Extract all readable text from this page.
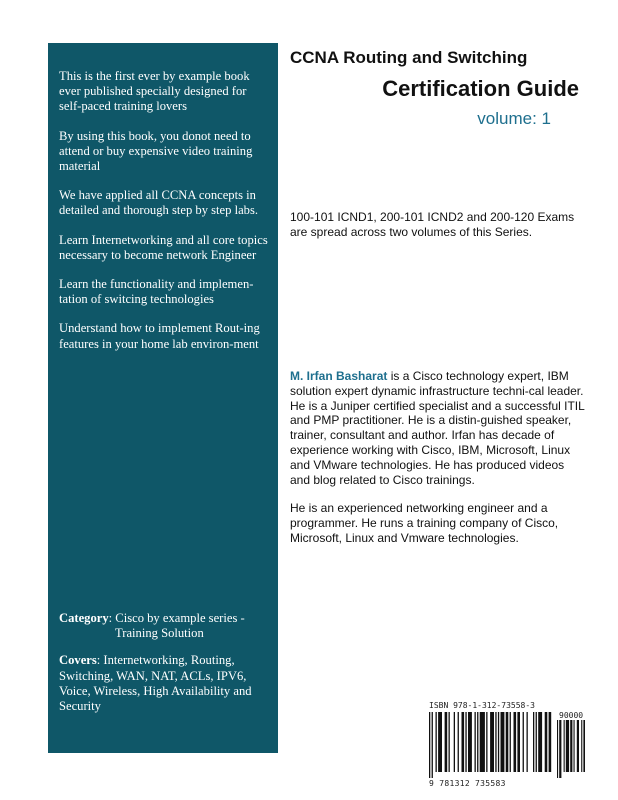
This is the first ever by example book ever published specially designed for self-paced training lovers

By using this book, you donot need to attend or buy expensive video training material

We have applied all CCNA concepts in detailed and thorough step by step labs.

Learn Internetworking and all core topics necessary to become network Engineer

Learn the functionality and implemen-tation of switcing technologies

Understand how to implement Rout-ing features in your home lab environ-ment

Category: Cisco by example series -
Training Solution
Covers: Internetworking, Routing, Switching, WAN, NAT, ACLs, IPV6, Voice, Wireless, High Availability and Security
CCNA Routing and Switching
Certification Guide
volume: 1
100-101 ICND1, 200-101 ICND2 and 200-120 Exams are spread across two volumes of this Series.

M. Irfan Basharat is a Cisco technology expert, IBM solution expert dynamic infrastructure techni-cal leader. He is a Juniper certified specialist and a successful ITIL and PMP practitioner. He is a distin-guished speaker, trainer, consultant and author. Irfan has decade of experience working with Cisco, IBM, Microsoft, Linux and VMware technologies. He has produced videos and blog related to Cisco trainings.

He is an experienced networking engineer and a programmer. He runs a training company of Cisco, Microsoft, Linux and Vmware technologies.

ISBN 978-1-312-73558-3
90000
9 781312 735583
